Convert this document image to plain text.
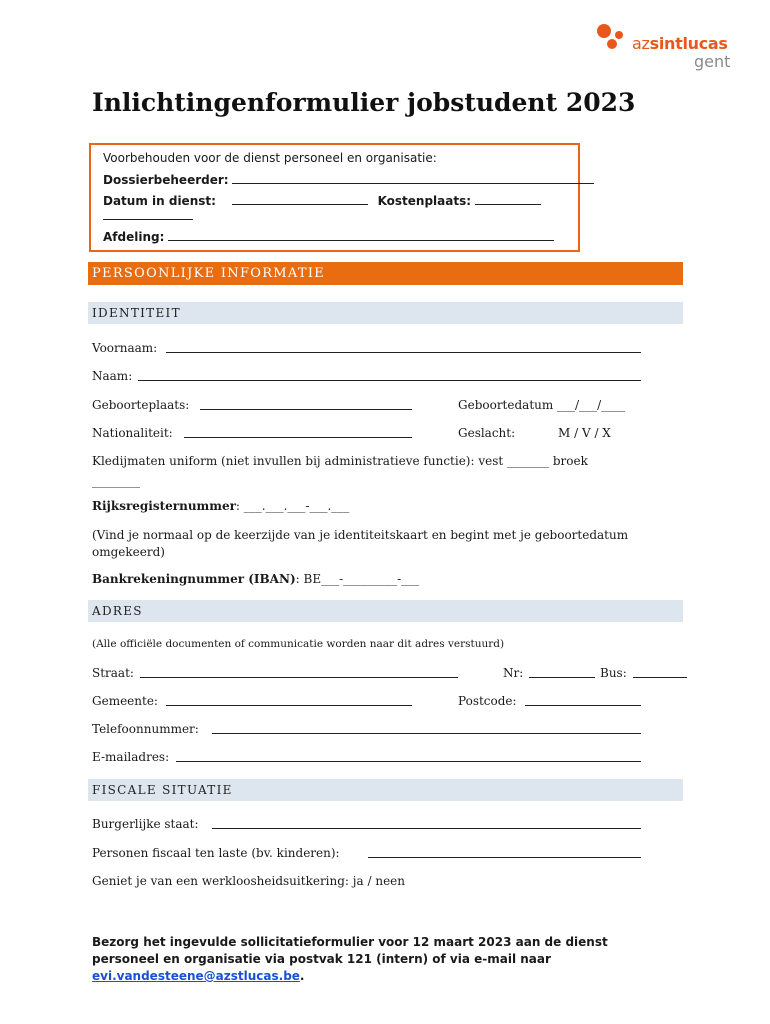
azsintlucas
gent
Inlichtingenformulier jobstudent 2023
Voorbehouden voor de dienst personeel en organisatie:
Dossierbeheerder:
Datum in dienst:	Kostenplaats:
Afdeling:
PERSOONLIJKE INFORMATIE
IDENTITEIT
Voornaam:
Naam:
Geboorteplaats:	Geboortedatum ___/___/____
Nationaliteit:	Geslacht:	M / V / X
Kledijmaten uniform (niet invullen bij administratieve functie): vest _______ broek
________
Rijksregisternummer: ___.___.___-___.___
(Vind je normaal op de keerzijde van je identiteitskaart en begint met je geboortedatum omgekeerd)
Bankrekeningnummer (IBAN): BE___-_________-___
ADRES
(Alle officiële documenten of communicatie worden naar dit adres verstuurd)
Straat:	Nr:	Bus:
Gemeente:	Postcode:
Telefoonnummer:
E-mailadres:
FISCALE SITUATIE
Burgerlijke staat:
Personen fiscaal ten laste (bv. kinderen):
Geniet je van een werkloosheidsuitkering: ja / neen
Bezorg het ingevulde sollicitatieformulier voor 12 maart 2023 aan de dienst personeel en organisatie via postvak 121 (intern) of via e-mail naar evi.vandesteene@azstlucas.be.
